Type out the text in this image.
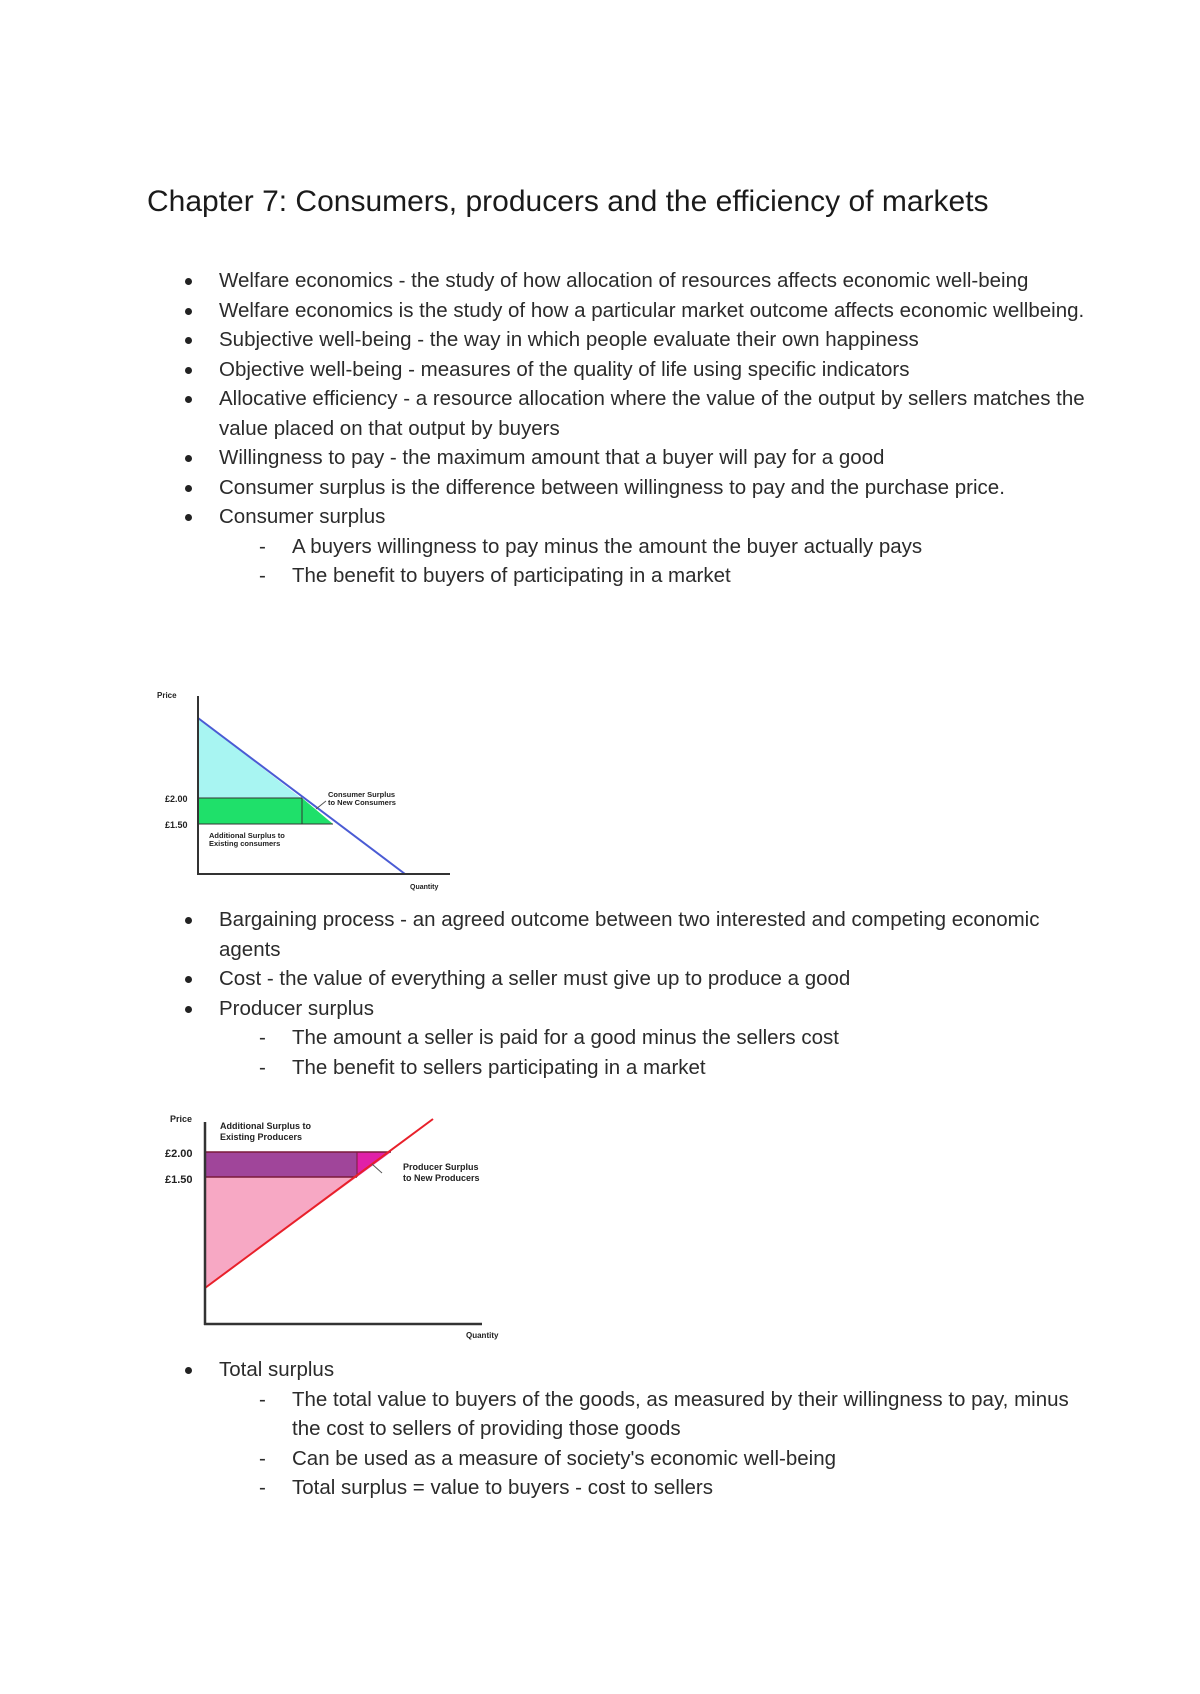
Chapter 7: Consumers, producers and the efficiency of markets
Welfare economics - the study of how allocation of resources affects economic well-being
Welfare economics is the study of how a particular market outcome affects economic wellbeing.
Subjective well-being - the way in which people evaluate their own happiness
Objective well-being - measures of the quality of life using specific indicators
Allocative efficiency - a resource allocation where the value of the output by sellers matches the value placed on that output by buyers
Willingness to pay - the maximum amount that a buyer will pay for a good
Consumer surplus is the difference between willingness to pay and the purchase price.
Consumer surplus
- A buyers willingness to pay minus the amount the buyer actually pays
- The benefit to buyers of participating in a market
Price
Quantity
£2.00
£1.50
Consumer Surplus
to New Consumers
Additional Surplus to
Existing consumers
Bargaining process - an agreed outcome between two interested and competing economic agents
Cost - the value of everything a seller must give up to produce a good
Producer surplus
- The amount a seller is paid for a good minus the sellers cost
- The benefit to sellers participating in a market
Price
Quantity
£2.00
£1.50
Additional Surplus to
Existing Producers
Producer Surplus
to New Producers
Total surplus
- The total value to buyers of the goods, as measured by their willingness to pay, minus the cost to sellers of providing those goods
- Can be used as a measure of society's economic well-being
- Total surplus = value to buyers - cost to sellers
